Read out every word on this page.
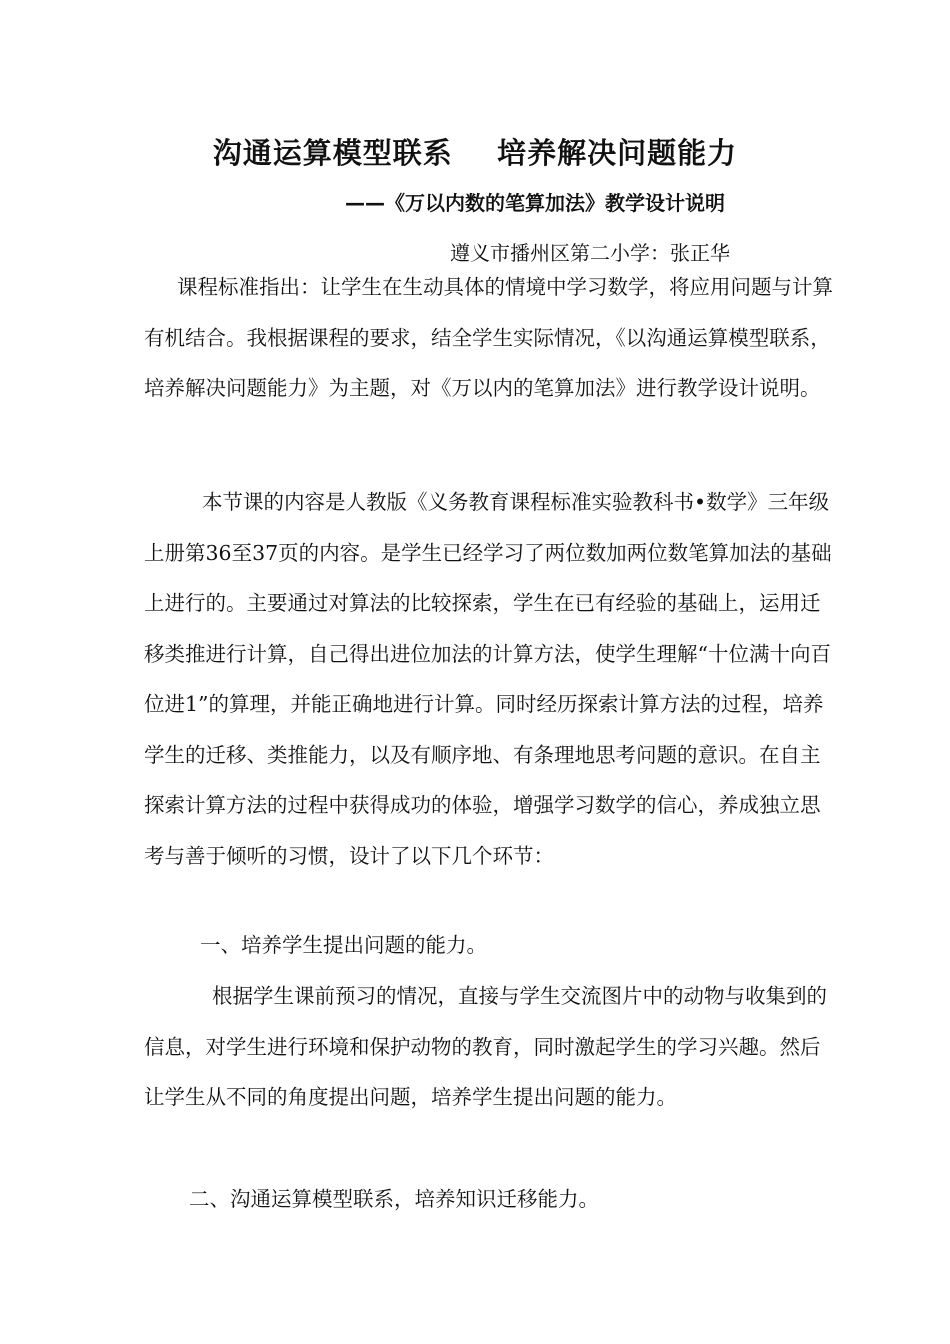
沟通运算模型联系    培养解决问题能力
——《万以内数的笔算加法》教学设计说明
遵义市播州区第二小学：张正华

课程标准指出：让学生在生动具体的情境中学习数学，将应用问题与计算有机结合。我根据课程的要求，结全学生实际情况，《以沟通运算模型联系，培养解决问题能力》为主题，对《万以内的笔算加法》进行教学设计说明。

本节课的内容是人教版《义务教育课程标准实验教科书•数学》三年级上册第36至37页的内容。是学生已经学习了两位数加两位数笔算加法的基础上进行的。主要通过对算法的比较探索，学生在已有经验的基础上，运用迁移类推进行计算，自己得出进位加法的计算方法，使学生理解“十位满十向百位进1”的算理，并能正确地进行计算。同时经历探索计算方法的过程，培养学生的迁移、类推能力，以及有顺序地、有条理地思考问题的意识。在自主探索计算方法的过程中获得成功的体验，增强学习数学的信心，养成独立思考与善于倾听的习惯，设计了以下几个环节：

一、培养学生提出问题的能力。

根据学生课前预习的情况，直接与学生交流图片中的动物与收集到的信息，对学生进行环境和保护动物的教育，同时激起学生的学习兴趣。然后让学生从不同的角度提出问题，培养学生提出问题的能力。

二、沟通运算模型联系，培养知识迁移能力。
